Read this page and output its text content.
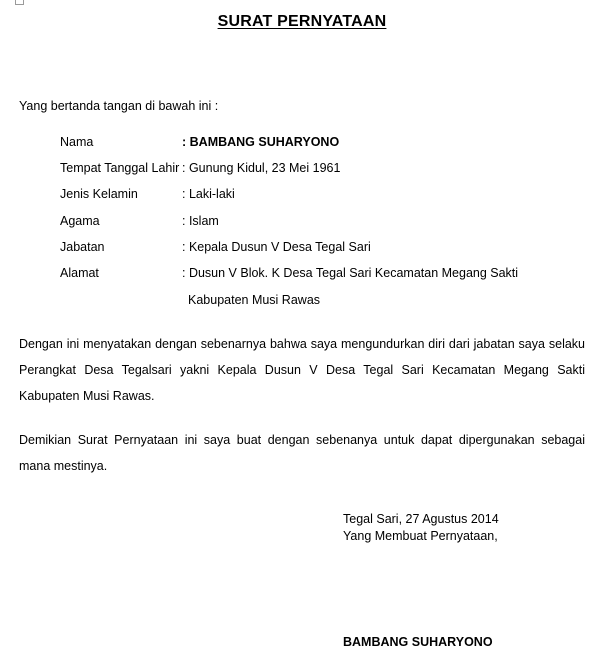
SURAT PERNYATAAN
Yang bertanda tangan di bawah ini :
Nama	: BAMBANG SUHARYONO
Tempat Tanggal Lahir : Gunung Kidul, 23 Mei 1961
Jenis Kelamin	: Laki-laki
Agama	: Islam
Jabatan	: Kepala Dusun V Desa Tegal Sari
Alamat	: Dusun V Blok. K Desa Tegal Sari Kecamatan Megang Sakti
Kabupaten Musi Rawas
Dengan ini menyatakan dengan sebenarnya bahwa saya mengundurkan diri dari jabatan saya selaku Perangkat Desa Tegalsari yakni Kepala Dusun V Desa Tegal Sari Kecamatan Megang Sakti Kabupaten Musi Rawas.
Demikian Surat Pernyataan ini saya buat dengan sebenanya untuk dapat dipergunakan sebagai mana mestinya.
Tegal Sari, 27 Agustus 2014
Yang Membuat Pernyataan,
BAMBANG SUHARYONO
